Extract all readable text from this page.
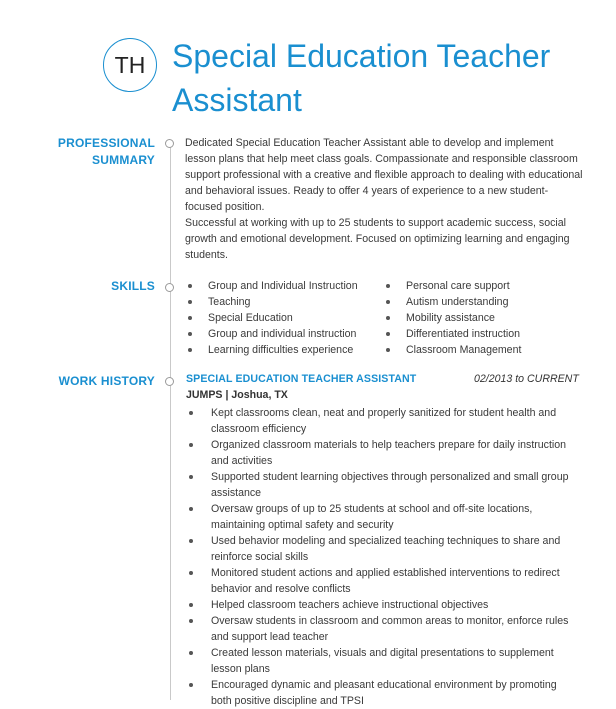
TH Special Education Teacher Assistant
PROFESSIONAL
SUMMARY

Dedicated Special Education Teacher Assistant able to develop and implement lesson plans that help meet class goals. Compassionate and responsible classroom support professional with a creative and flexible approach to dealing with educational and behavioral issues. Ready to offer 4 years of experience to a new student-focused position.

Successful at working with up to 25 students to support academic success, social growth and emotional development. Focused on optimizing learning and engaging students.

SKILLS	Group and Individual Instruction
Teaching
Special Education
Group and individual instruction
Learning difficulties experience
Personal care support
Autism understanding
Mobility assistance
Differentiated instruction
Classroom Management
WORK HISTORY	SPECIAL EDUCATION TEACHER ASSISTANT	02/2013 to CURRENT
JUMPS | Joshua, TX
Kept classrooms clean, neat and properly sanitized for student health and classroom efficiency
Organized classroom materials to help teachers prepare for daily instruction and activities
Supported student learning objectives through personalized and small group assistance
Oversaw groups of up to 25 students at school and off-site locations, maintaining optimal safety and security
Used behavior modeling and specialized teaching techniques to share and reinforce social skills
Monitored student actions and applied established interventions to redirect behavior and resolve conflicts
Helped classroom teachers achieve instructional objectives
Oversaw students in classroom and common areas to monitor, enforce rules and support lead teacher
Created lesson materials, visuals and digital presentations to supplement lesson plans
Encouraged dynamic and pleasant educational environment by promoting both positive discipline and TPSI
